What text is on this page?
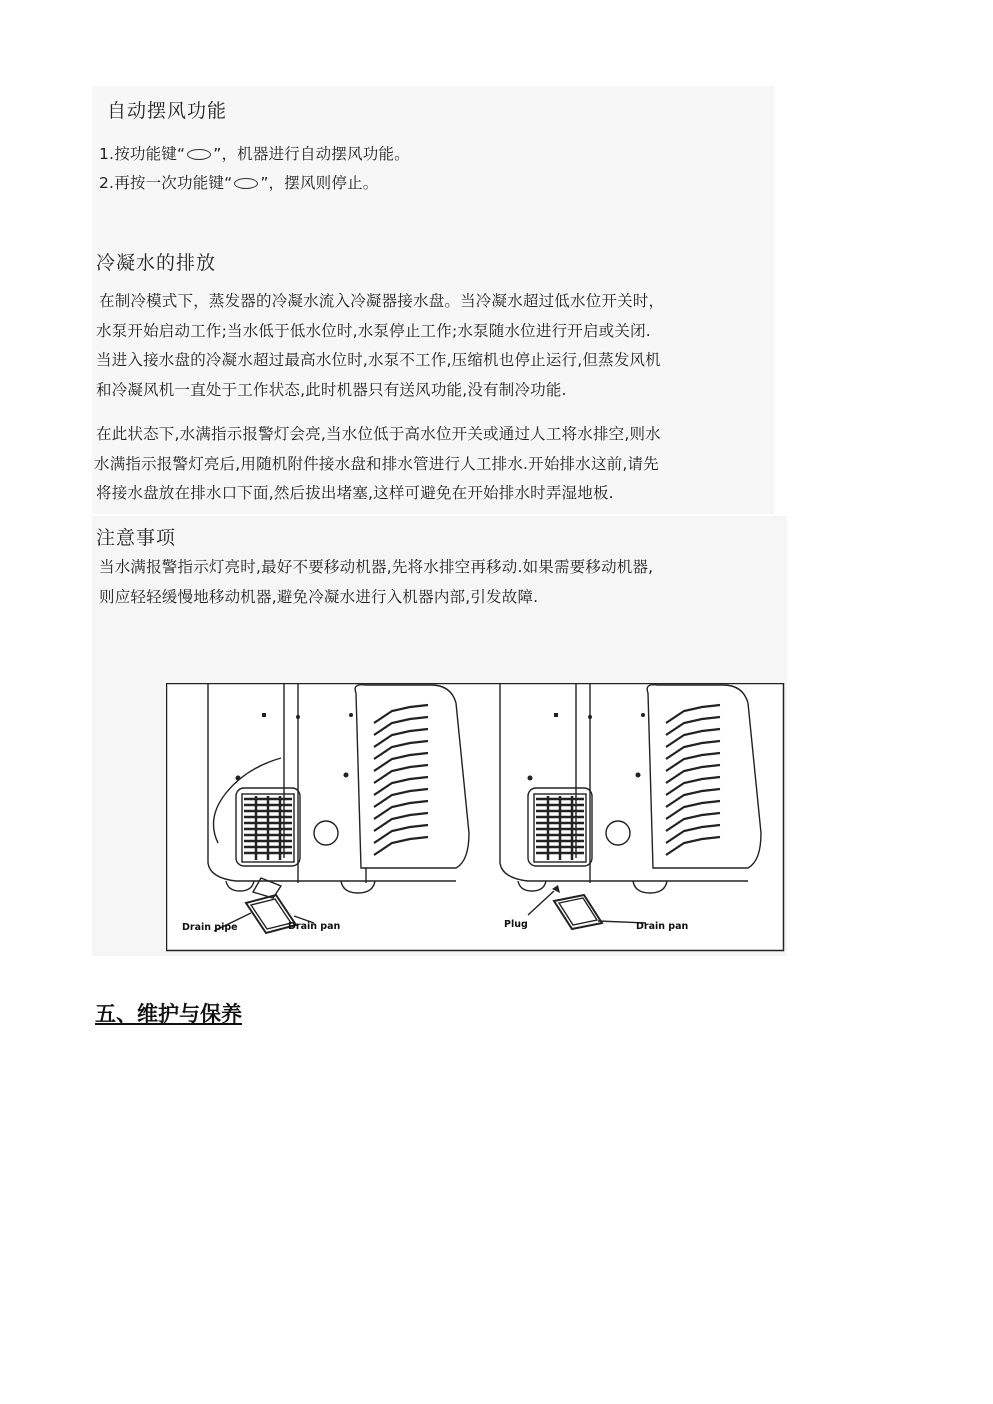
自动摆风功能
1.按功能键“ ”，机器进行自动摆风功能。
2.再按一次功能键“ ”，摆风则停止。
冷凝水的排放
在制冷模式下，蒸发器的冷凝水流入冷凝器接水盘。当冷凝水超过低水位开关时，
水泵开始启动工作;当水低于低水位时,水泵停止工作;水泵随水位进行开启或关闭.
当进入接水盘的冷凝水超过最高水位时,水泵不工作,压缩机也停止运行,但蒸发风机
和冷凝风机一直处于工作状态,此时机器只有送风功能,没有制冷功能.
在此状态下,水满指示报警灯会亮,当水位低于高水位开关或通过人工将水排空,则水
水满指示报警灯亮后,用随机附件接水盘和排水管进行人工排水.开始排水这前,请先
将接水盘放在排水口下面,然后拔出堵塞,这样可避免在开始排水时弄湿地板.
注意事项
当水满报警指示灯亮时,最好不要移动机器,先将水排空再移动.如果需要移动机器,
则应轻轻缓慢地移动机器,避免冷凝水进行入机器内部,引发故障.
Drain pipe	Drain pan	Plug	Drain pan
五、维护与保养
